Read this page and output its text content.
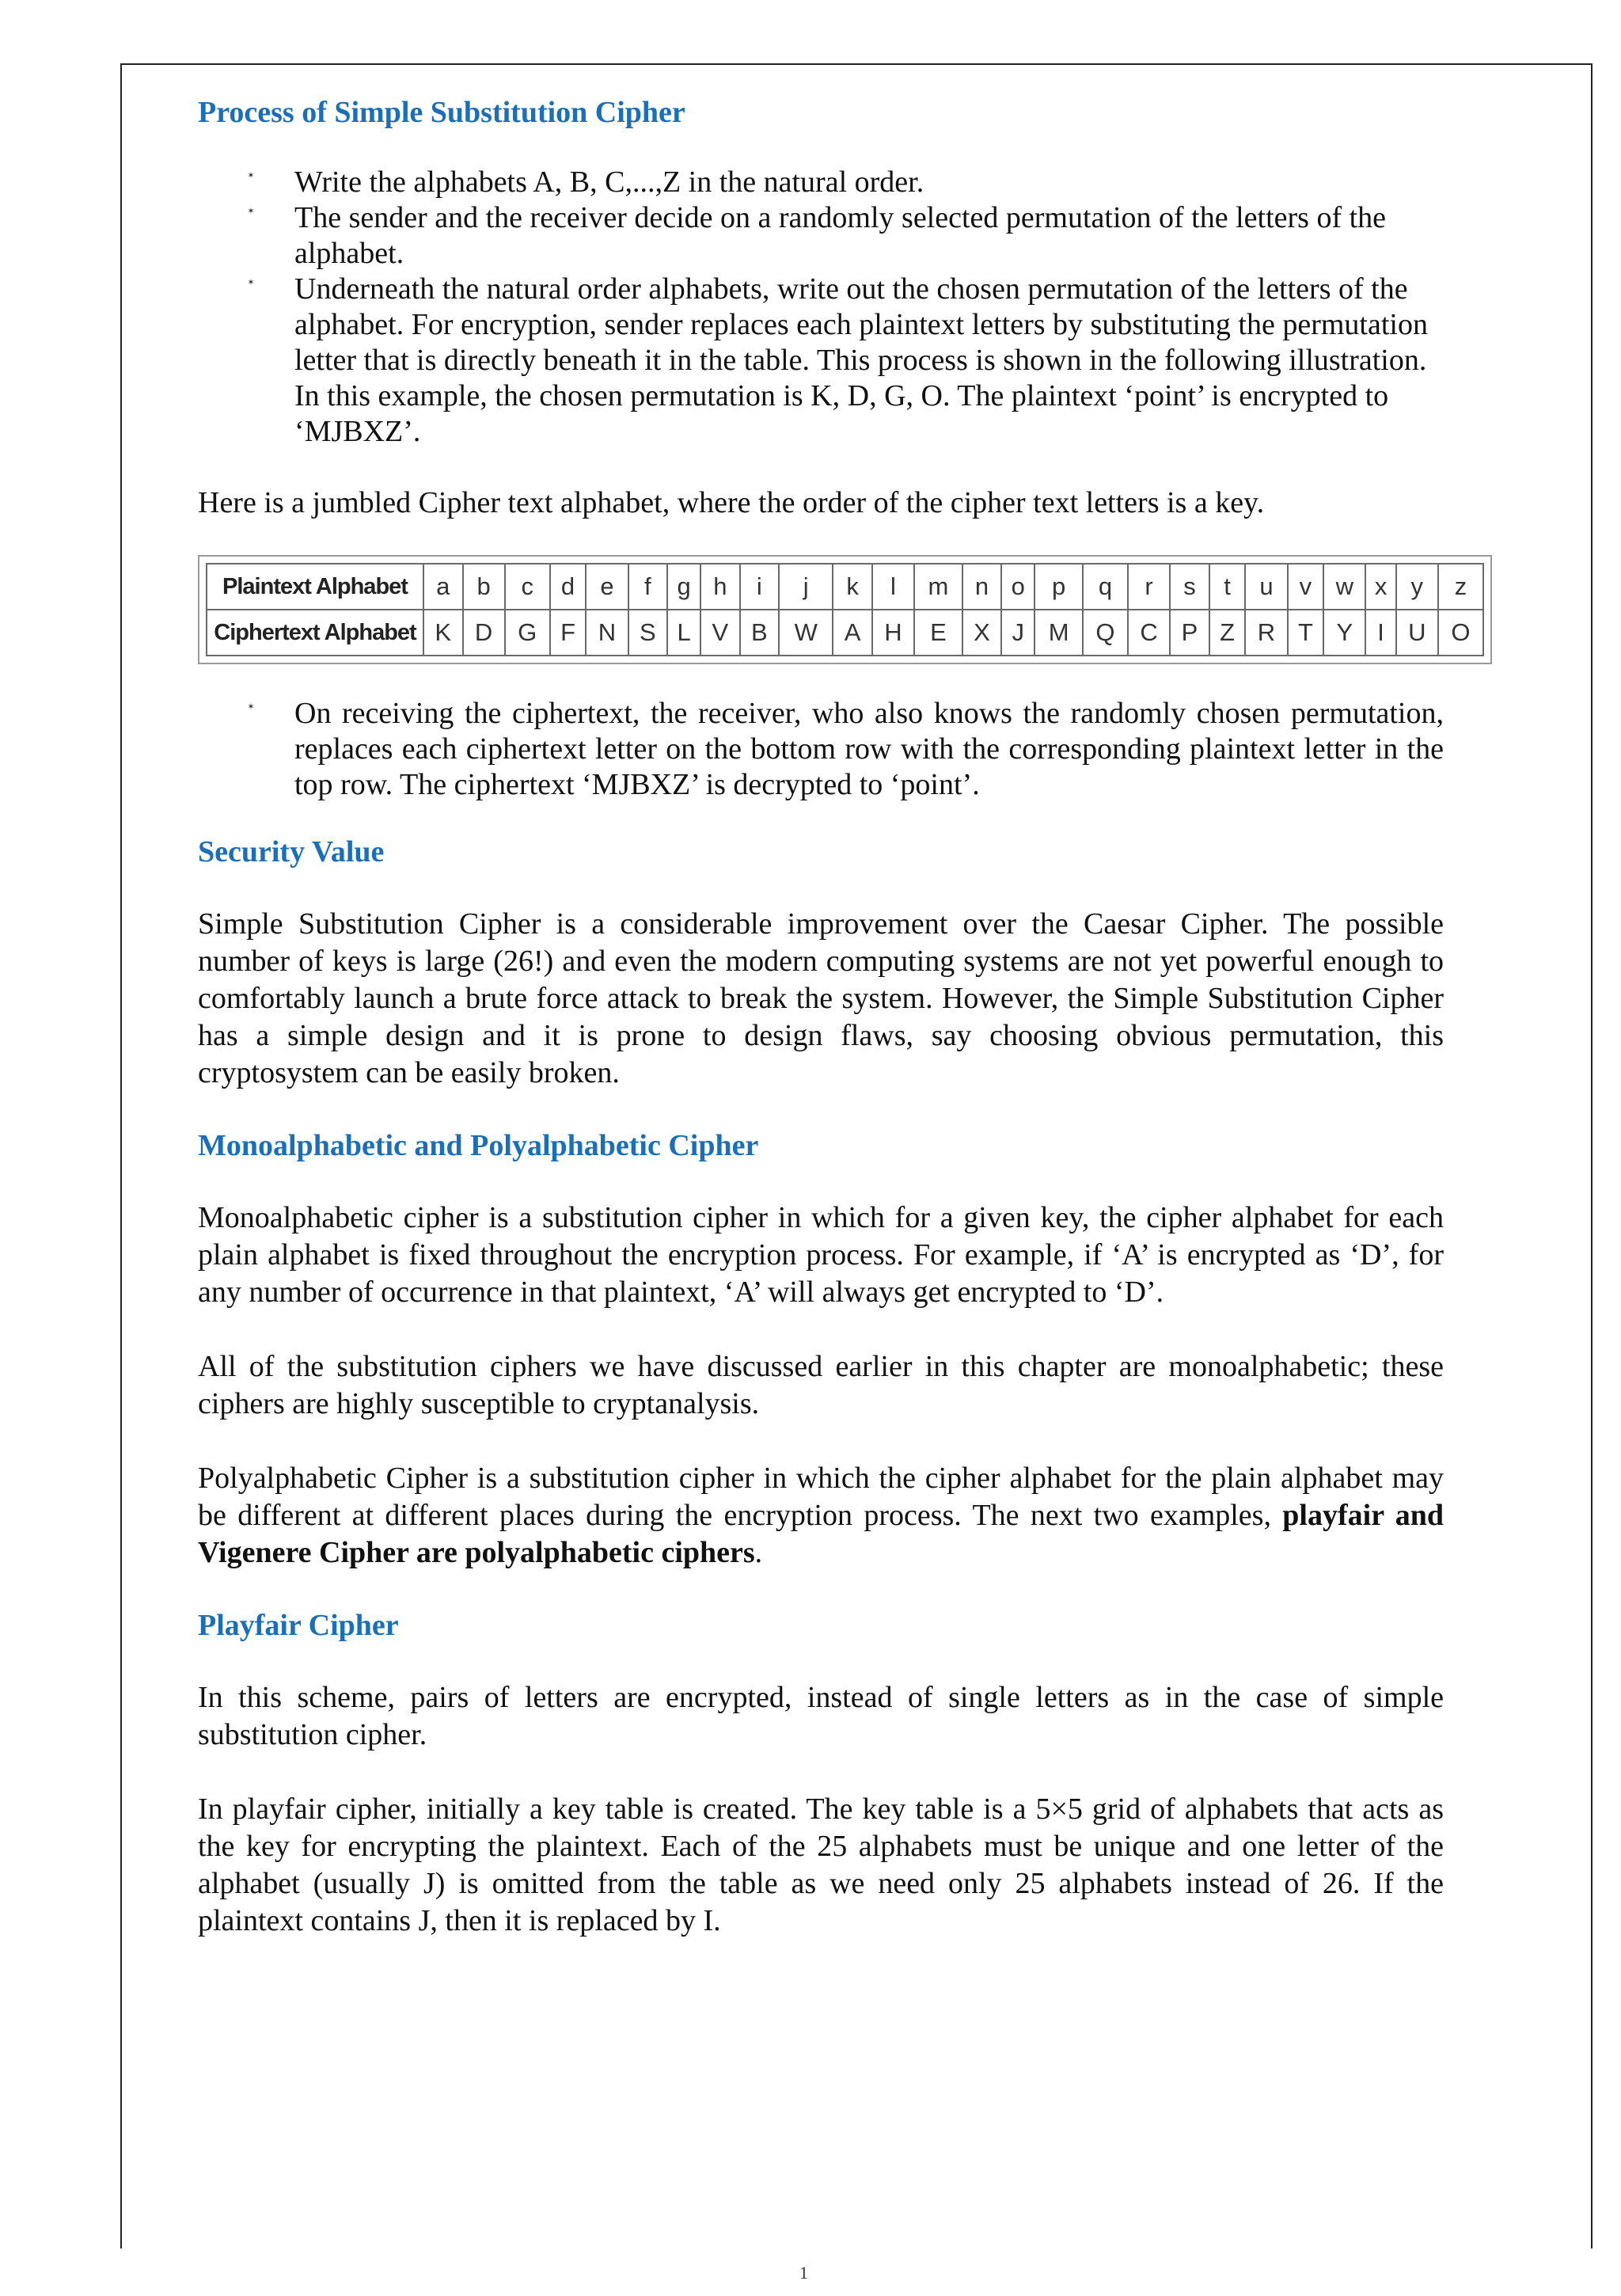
Process of Simple Substitution Cipher
✶ Write the alphabets A, B, C,...,Z in the natural order.
✶ The sender and the receiver decide on a randomly selected permutation of the letters of the alphabet.
✶ Underneath the natural order alphabets, write out the chosen permutation of the letters of the alphabet. For encryption, sender replaces each plaintext letters by substituting the permutation letter that is directly beneath it in the table. This process is shown in the following illustration. In this example, the chosen permutation is K, D, G, O. The plaintext ‘point’ is encrypted to ‘MJBXZ’.

Here is a jumbled Cipher text alphabet, where the order of the cipher text letters is a key.

Plaintext Alphabet	a	b	c	d	e	f	g	h	i	j	k	l	m	n	o	p	q	r	s	t	u	v	w	x	y	z
Ciphertext Alphabet	K	D	G	F	N	S	L	V	B	W	A	H	E	X	J	M	Q	C	P	Z	R	T	Y	I	U	O
✶ On receiving the ciphertext, the receiver, who also knows the randomly chosen permutation, replaces each ciphertext letter on the bottom row with the corresponding plaintext letter in the top row. The ciphertext ‘MJBXZ’ is decrypted to ‘point’.
Security Value

Simple Substitution Cipher is a considerable improvement over the Caesar Cipher. The possible number of keys is large (26!) and even the modern computing systems are not yet powerful enough to comfortably launch a brute force attack to break the system. However, the Simple Substitution Cipher has a simple design and it is prone to design flaws, say choosing obvious permutation, this cryptosystem can be easily broken.

Monoalphabetic and Polyalphabetic Cipher

Monoalphabetic cipher is a substitution cipher in which for a given key, the cipher alphabet for each plain alphabet is fixed throughout the encryption process. For example, if ‘A’ is encrypted as ‘D’, for any number of occurrence in that plaintext, ‘A’ will always get encrypted to ‘D’.

All of the substitution ciphers we have discussed earlier in this chapter are monoalphabetic; these ciphers are highly susceptible to cryptanalysis.

Polyalphabetic Cipher is a substitution cipher in which the cipher alphabet for the plain alphabet may be different at different places during the encryption process. The next two examples, playfair and Vigenere Cipher are polyalphabetic ciphers.

Playfair Cipher

In this scheme, pairs of letters are encrypted, instead of single letters as in the case of simple substitution cipher.

In playfair cipher, initially a key table is created. The key table is a 5×5 grid of alphabets that acts as the key for encrypting the plaintext. Each of the 25 alphabets must be unique and one letter of the alphabet (usually J) is omitted from the table as we need only 25 alphabets instead of 26. If the plaintext contains J, then it is replaced by I.

1
